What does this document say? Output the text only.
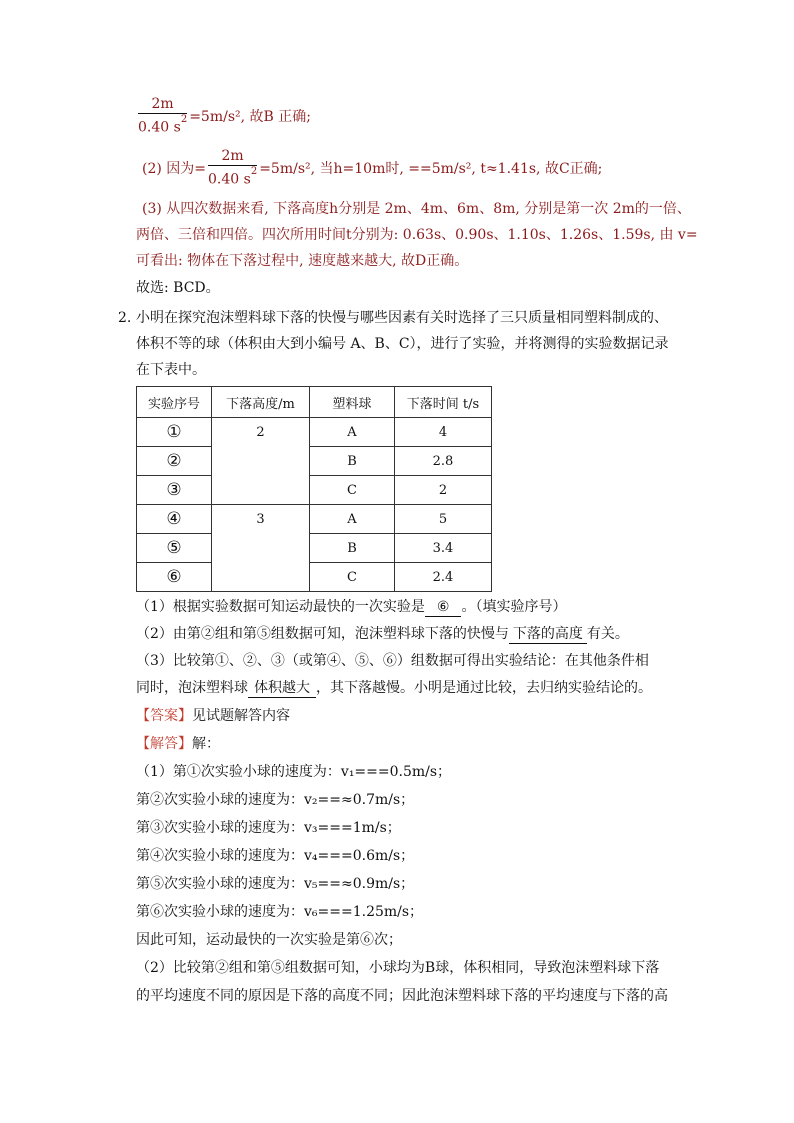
$\frac{2m}{0.40 s^2} =5m/s^2$, 故B 正确;
(2) 因为= $\frac{2m}{0.40 s^2} =5m/s^2$, 当h=10m时, ==5m/s², t≈1.41s, 故C正确;
(3) 从四次数据来看, 下落高度h分别是 2m、4m、6m、8m, 分别是第一次 2m的一倍、
两倍、三倍和四倍。四次所用时间t分别为: 0.63s、0.90s、1.10s、1.26s、1.59s, 由 v=
可看出: 物体在下落过程中, 速度越来越大, 故D正确。
故选: BCD。
2. 小明在探究泡沫塑料球下落的快慢与哪些因素有关时选择了三只质量相同塑料制成的、
体积不等的球（体积由大到小编号 A、B、C），进行了实验，并将测得的实验数据记录
在下表中。
实验序号	下落高度/m	塑料球	下落时间 t/s
①	2	A	4
②		B	2.8
③		C	2
④	3	A	5
⑤		B	3.4
⑥		C	2.4
（1）根据实验数据可知运动最快的一次实验是 ⑥ 。（填实验序号）
（2）由第②组和第⑤组数据可知，泡沫塑料球下落的快慢与 下落的高度 有关。
（3）比较第①、②、③（或第④、⑤、⑥）组数据可得出实验结论：在其他条件相
同时，泡沫塑料球 体积越大 ，其下落越慢。小明是通过比较，去归纳实验结论的。
【答案】见试题解答内容
【解答】解：
（1）第①次实验小球的速度为：v₁===0.5m/s；
第②次实验小球的速度为：v₂==≈0.7m/s；
第③次实验小球的速度为：v₃===1m/s；
第④次实验小球的速度为：v₄===0.6m/s；
第⑤次实验小球的速度为：v₅==≈0.9m/s；
第⑥次实验小球的速度为：v₆===1.25m/s；
因此可知，运动最快的一次实验是第⑥次；
（2）比较第②组和第⑤组数据可知，小球均为B球，体积相同，导致泡沫塑料球下落
的平均速度不同的原因是下落的高度不同；因此泡沫塑料球下落的平均速度与下落的高
